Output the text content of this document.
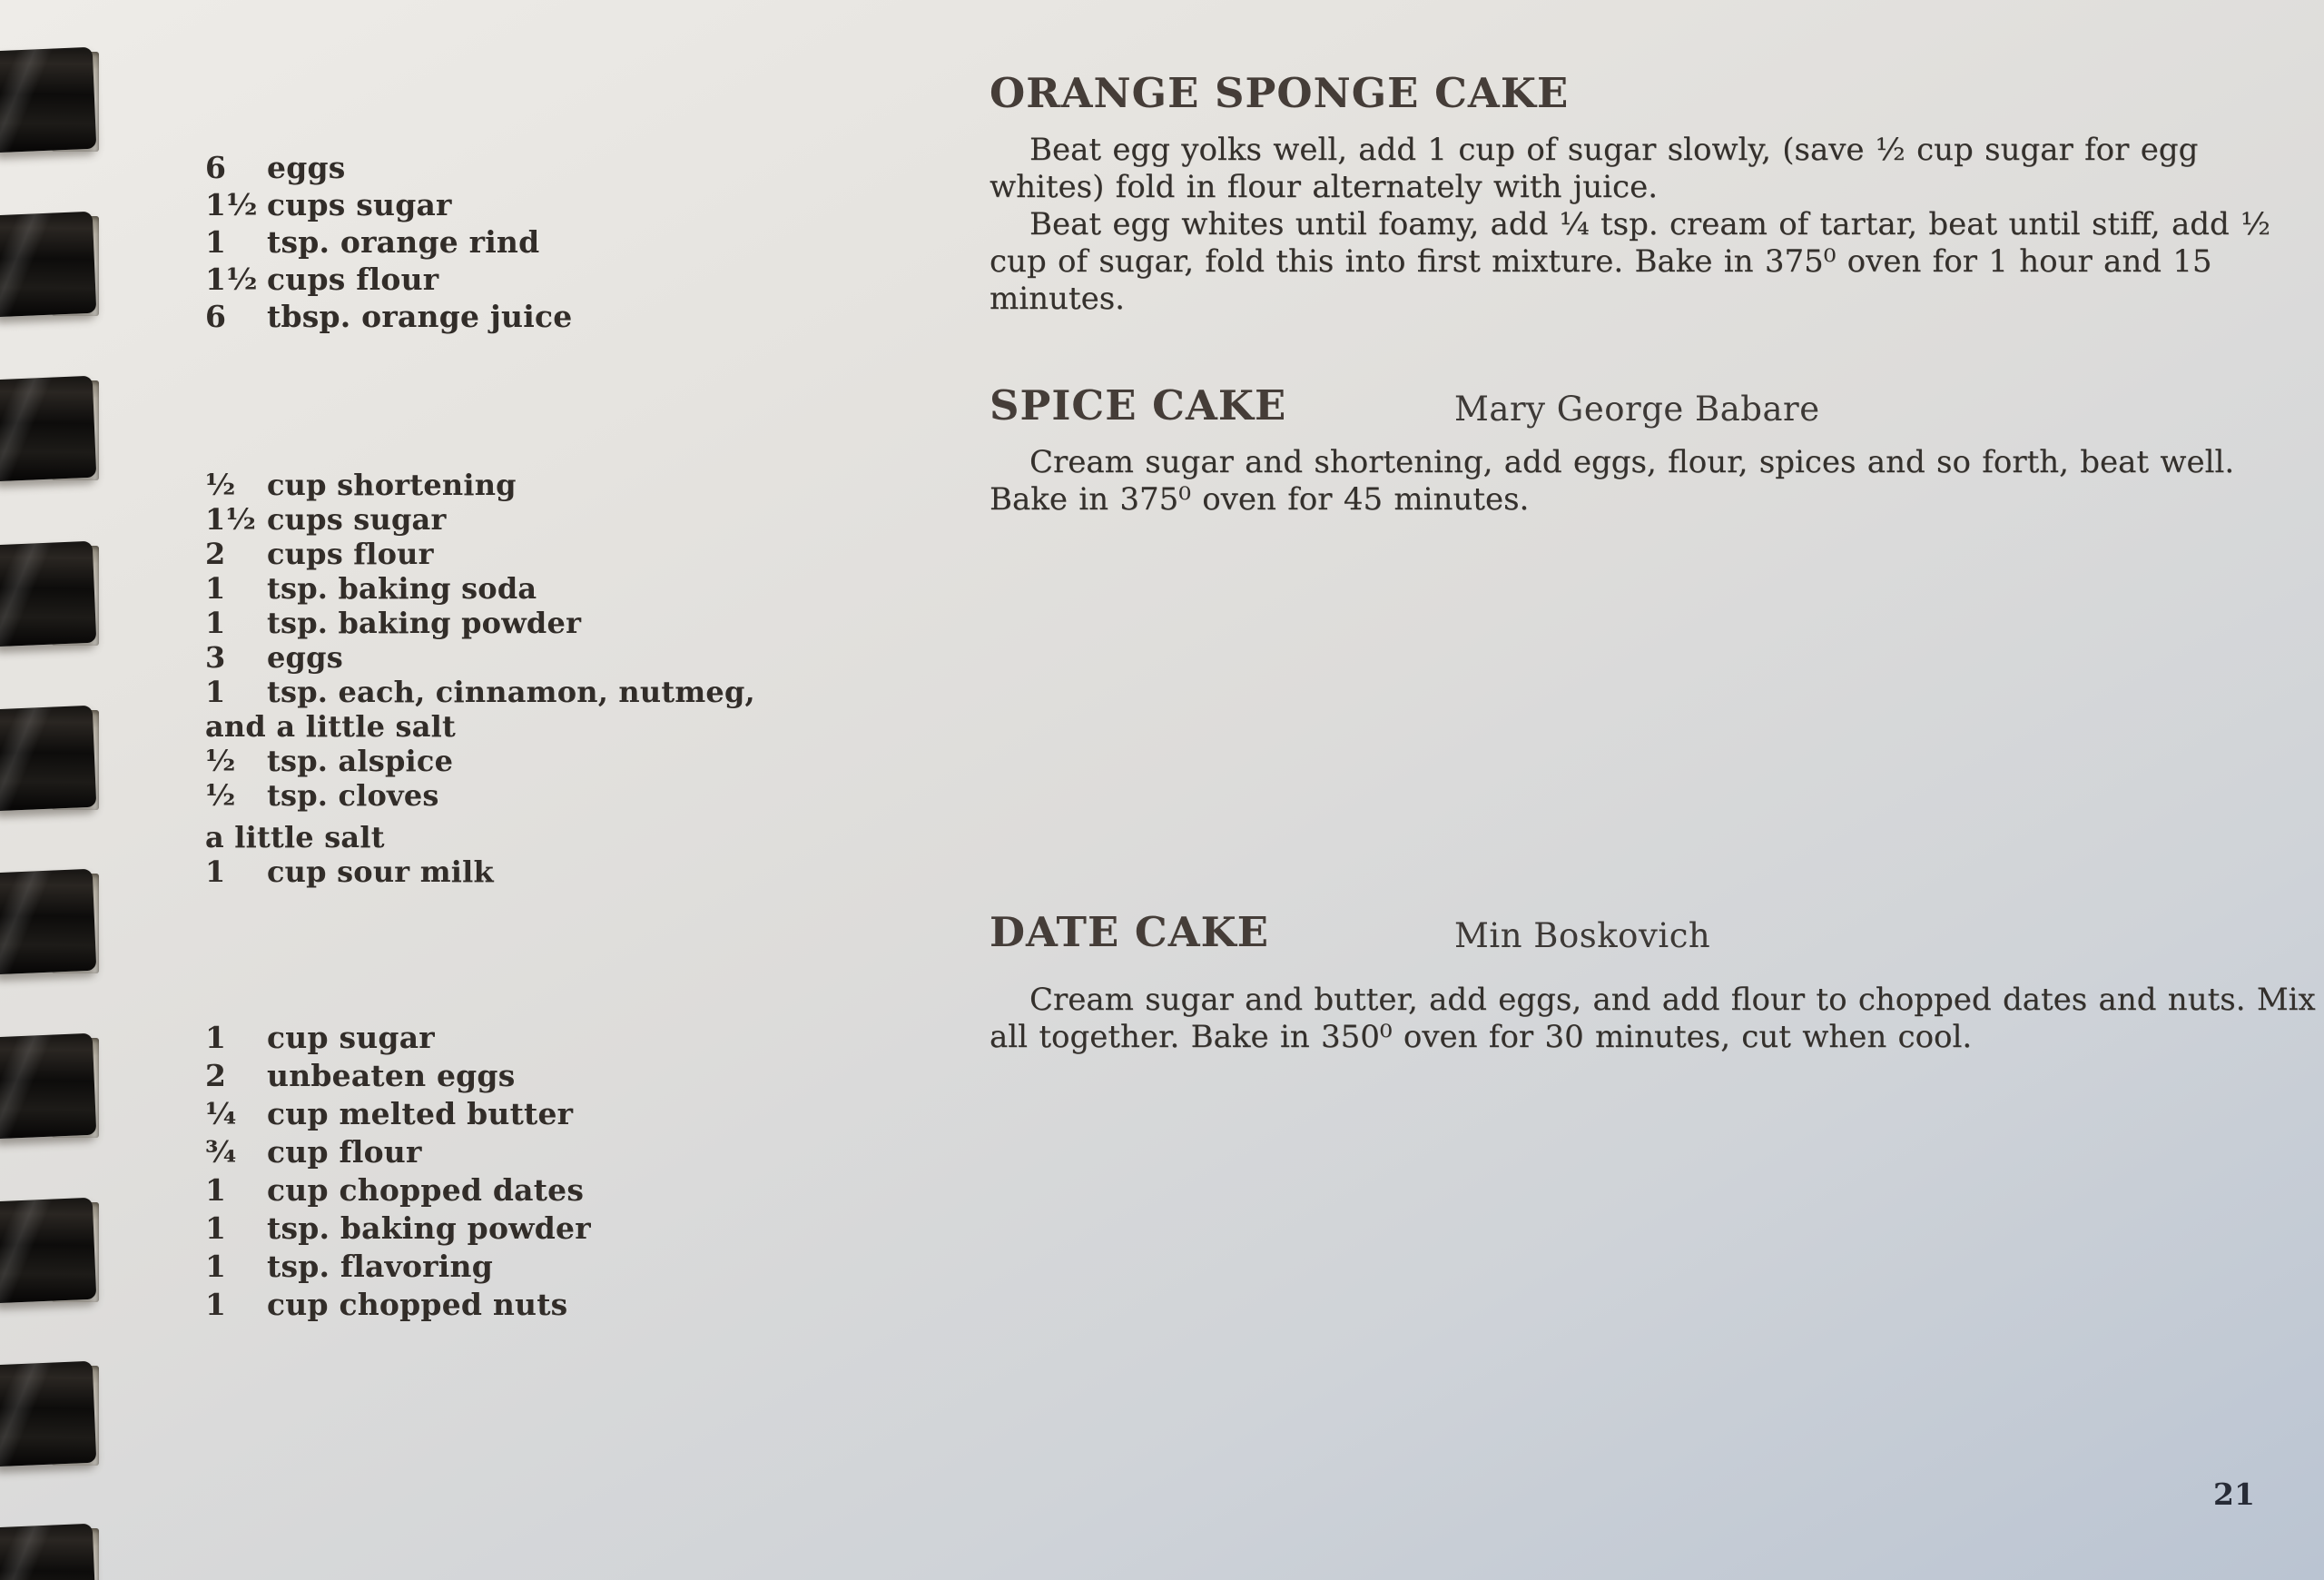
6	eggs
1½ cups sugar
1	tsp. orange rind
1½ cups flour
6	tbsp. orange juice
½	cup shortening
1½ cups sugar
2	cups flour
1	tsp. baking soda
1	tsp. baking powder
3	eggs
1	tsp. each, cinnamon, nutmeg,
and a little salt
½	tsp. alspice
½	tsp. cloves
a little salt
1	cup sour milk
1	cup sugar
2	unbeaten eggs
¼	cup melted butter
¾	cup flour
1	cup chopped dates
1	tsp. baking powder
1	tsp. flavoring
1	cup chopped nuts
ORANGE SPONGE CAKE

Beat egg yolks well, add 1 cup of sugar slowly, (save ½ cup sugar for egg whites) fold in flour alternately with juice.

Beat egg whites until foamy, add ¼ tsp. cream of tartar, beat until stiff, add ½ cup of sugar, fold this into first mixture. Bake in 375⁰ oven for 1 hour and 15 minutes.

SPICE CAKE	Mary George Babare

Cream sugar and shortening, add eggs, flour, spices and so forth, beat well. Bake in 375⁰ oven for 45 minutes.

DATE CAKE	Min Boskovich

Cream sugar and butter, add eggs, and add flour to chopped dates and nuts. Mix all together. Bake in 350⁰ oven for 30 minutes, cut when cool.

21
